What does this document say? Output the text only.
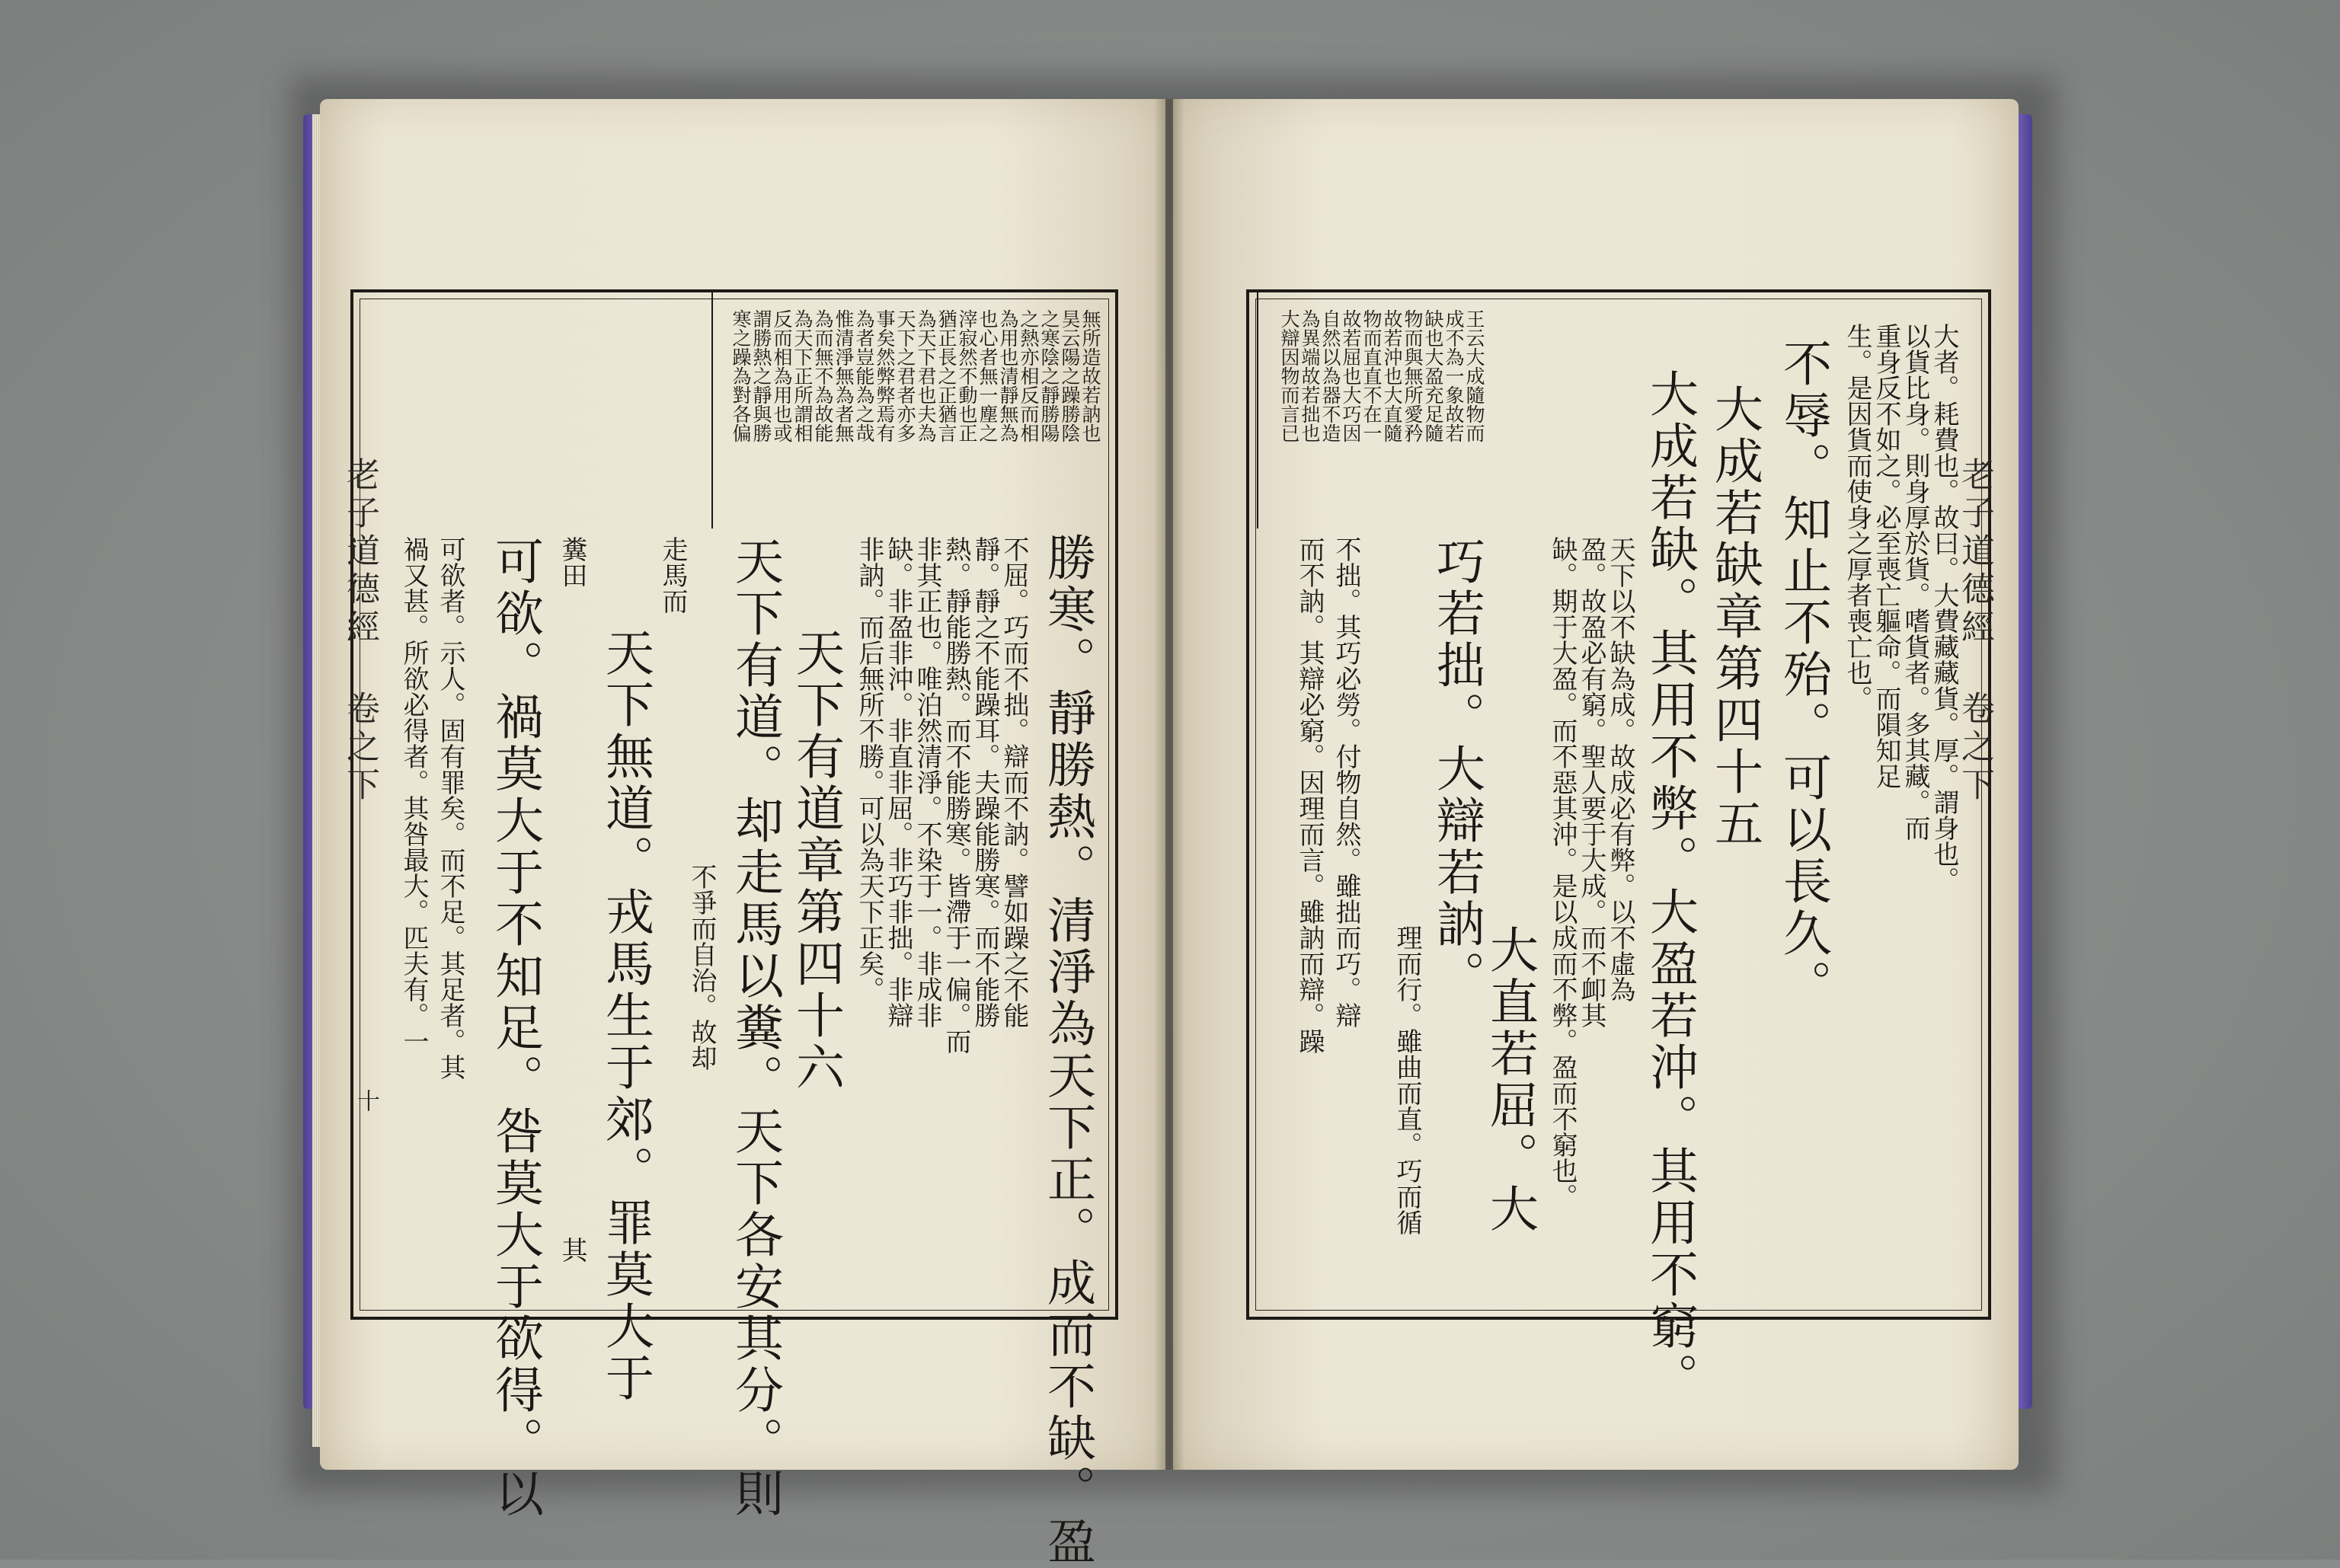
無所造故若訥也
昊云陽之躁勝陰
之寒陰之靜勝陽
之熱亦相反而相
為用也清靜無為
也心者無一塵之
滓寂然不動也正
猶正長之正猶言
為天下君也夫為
天下之君者亦多
事矣然弊弊焉有
為者豈能為之哉
惟清淨無為者無
為而無不為故能
為天下正所謂相
反而相為用也或
謂勝熱之靜與勝
寒之躁為對各偏
勝寒。靜勝熱。清淨為天下正。成而不缺。盈
不屈。巧而不拙。辯而不訥。譬如躁之不能
靜。靜之不能躁耳。夫躁能勝寒。而不能勝
熱。靜能勝熱。而不能勝寒。皆滯于一偏。而
非其正也。唯泊然清淨。不染于一。非成非
缺。非盈非沖。非直非屈。非巧非拙。非辯
非訥。而后無所不勝。可以為天下正矣。
天下有道章第四十六
天下有道。却走馬以糞。天下各安其分。則
不爭而自治。故却
走馬而
天下無道。戎馬生于郊。罪莫大于
糞田
其
可欲。禍莫大于不知足。咎莫大于欲得。以
可欲者。示人。固有罪矣。而不足。其足者。其
禍又甚。所欲必得者。其咎最大。匹夫有。一
老子道德經 卷之下
十
王云大成隨物而
成不為一象故若
缺也大盈充足隨
物而與無所愛矜
故若沖也大直隨
物而直直不在一
故若屈也大巧因
自然以為器不造
為異端故若拙也
大辯因物而言已	大者。耗費也。故曰。大費藏藏貨。厚。謂身也。
以貨比身。則身厚於貨。嗜貨者。多其藏。而
重身反不如之。必至喪亡軀命。而隕知足
生。是因貨而使身之厚者喪亡也。
不辱。知止不殆。可以長久。
大成若缺章第四十五
大成若缺。其用不弊。大盈若沖。其用不窮。
天下以不缺為成。故成必有弊。以不虛為
盈。故盈必有窮。聖人要于大成。而不卹其
缺。期于大盈。而不惡其沖。是以成而不弊。盈而不窮也。
大直若屈。大
巧若拙。大辯若訥。
理而行。雖曲而直。巧而循
不拙。其巧必勞。付物自然。雖拙而巧。辯
而不訥。其辯必窮。因理而言。雖訥而辯。躁	老子道德經 卷之下
